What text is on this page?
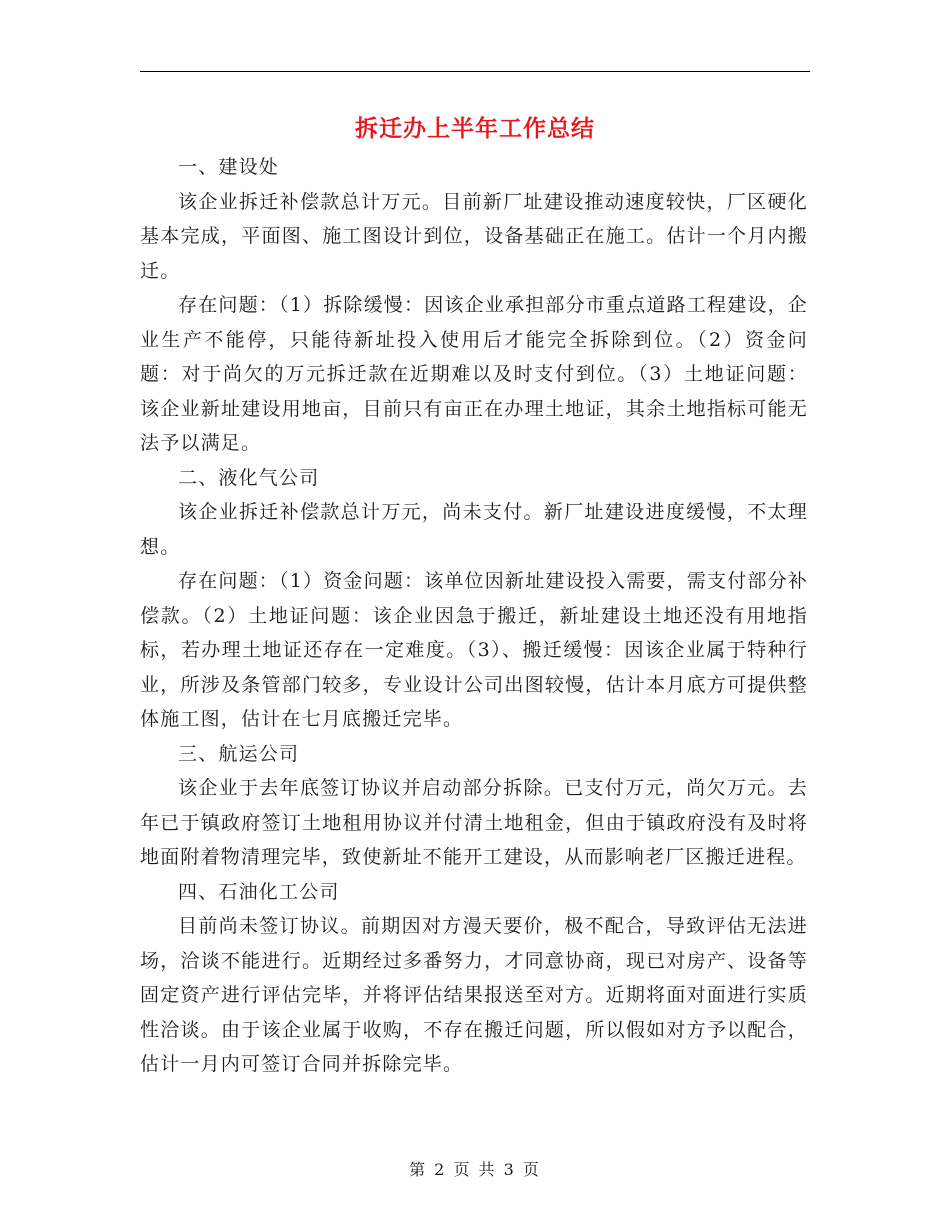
拆迁办上半年工作总结

一、建设处

该企业拆迁补偿款总计万元。目前新厂址建设推动速度较快，厂区硬化基本完成，平面图、施工图设计到位，设备基础正在施工。估计一个月内搬迁。

存在问题：（1）拆除缓慢：因该企业承担部分市重点道路工程建设，企业生产不能停，只能待新址投入使用后才能完全拆除到位。（2）资金问题：对于尚欠的万元拆迁款在近期难以及时支付到位。（3）土地证问题：该企业新址建设用地亩，目前只有亩正在办理土地证，其余土地指标可能无法予以满足。

二、液化气公司

该企业拆迁补偿款总计万元，尚未支付。新厂址建设进度缓慢，不太理想。

存在问题：（1）资金问题：该单位因新址建设投入需要，需支付部分补偿款。（2）土地证问题：该企业因急于搬迁，新址建设土地还没有用地指标，若办理土地证还存在一定难度。（3）、搬迁缓慢：因该企业属于特种行业，所涉及条管部门较多，专业设计公司出图较慢，估计本月底方可提供整体施工图，估计在七月底搬迁完毕。

三、航运公司

该企业于去年底签订协议并启动部分拆除。已支付万元，尚欠万元。去年已于镇政府签订土地租用协议并付清土地租金，但由于镇政府没有及时将地面附着物清理完毕，致使新址不能开工建设，从而影响老厂区搬迁进程。

四、石油化工公司

目前尚未签订协议。前期因对方漫天要价，极不配合，导致评估无法进场，洽谈不能进行。近期经过多番努力，才同意协商，现已对房产、设备等固定资产进行评估完毕，并将评估结果报送至对方。近期将面对面进行实质性洽谈。由于该企业属于收购，不存在搬迁问题，所以假如对方予以配合，估计一月内可签订合同并拆除完毕。

第 2 页 共 3 页
